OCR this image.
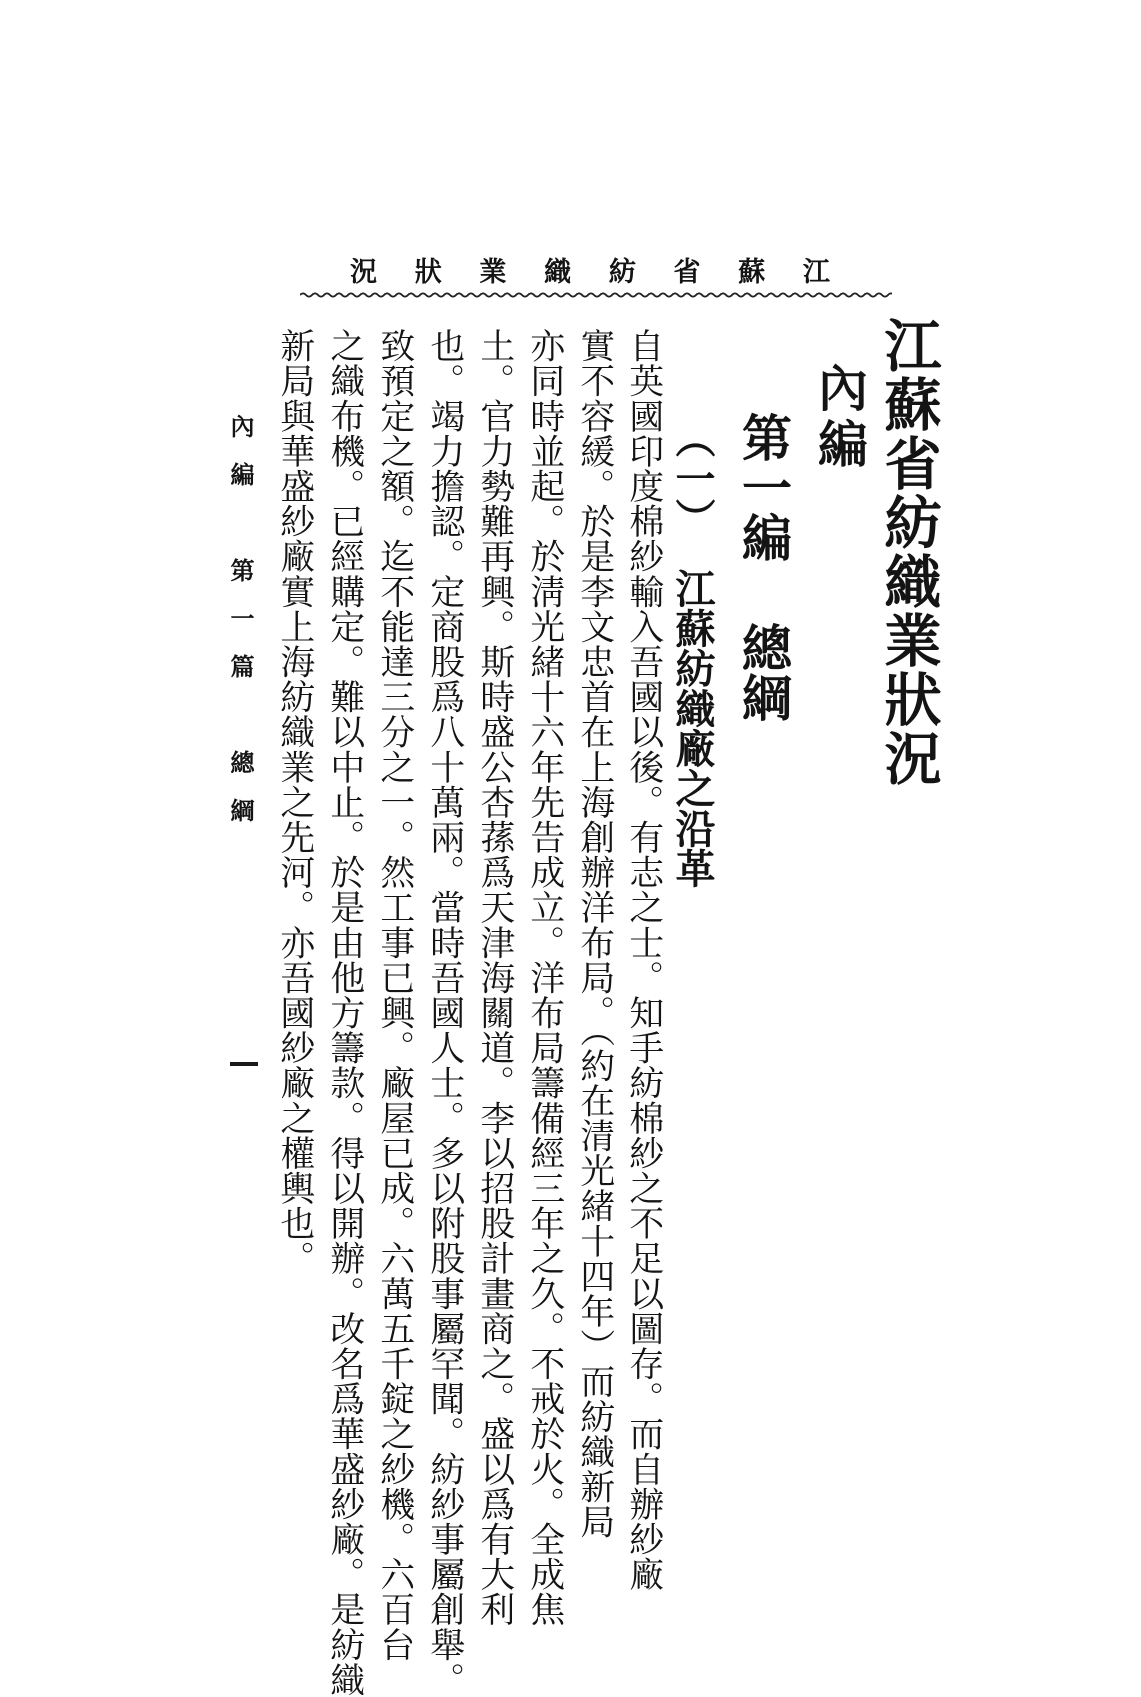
江
蘇
省
紡
織
業
狀
況
江蘇省紡織業狀況
內編
第一編總綱
（一）江蘇紡織廠之沿革
自英國印度棉紗輸入吾國以後。有志之士。知手紡棉紗之不足以圖存。而自辦紗廠
實不容緩。於是李文忠首在上海創辦洋布局。（約在清光緒十四年）而紡織新局
亦同時並起。於淸光緒十六年先告成立。洋布局籌備經三年之久。不戒於火。全成焦
土。官力勢難再興。斯時盛公杏蓀爲天津海關道。李以招股計畫商之。盛以爲有大利
也。竭力擔認。定商股爲八十萬兩。當時吾國人士。多以附股事屬罕聞。紡紗事屬創舉。
致預定之額。迄不能達三分之一。然工事已興。廠屋已成。六萬五千錠之紗機。六百台
之織布機。已經購定。難以中止。於是由他方籌款。得以開辦。改名爲華盛紗廠。是紡織
新局與華盛紗廠實上海紡織業之先河。亦吾國紗廠之權輿也。
內編　第一篇　總綱
